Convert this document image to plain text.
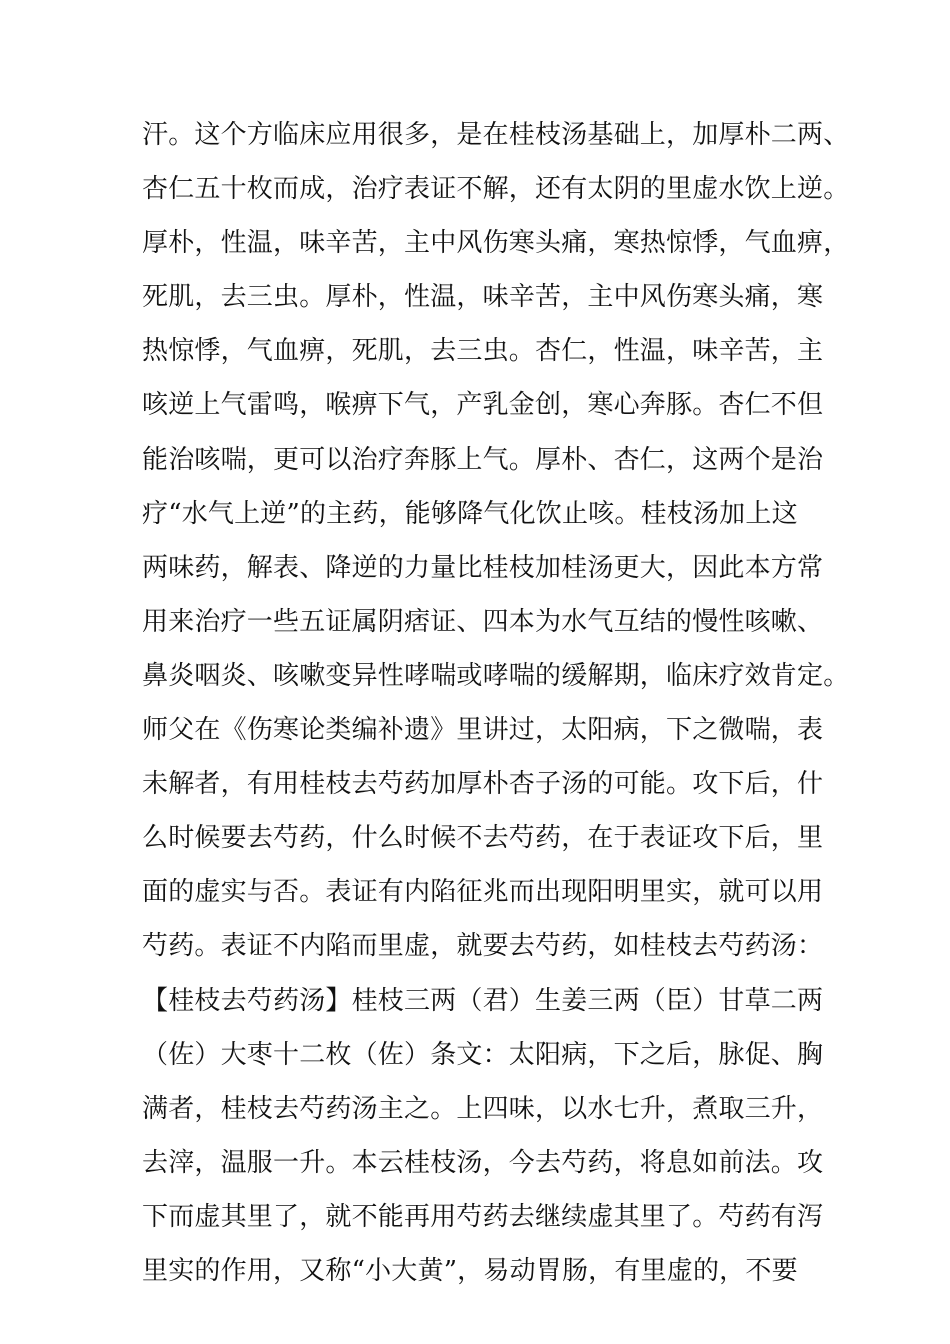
汗。这个方临床应用很多，是在桂枝汤基础上，加厚朴二两、
杏仁五十枚而成，治疗表证不解，还有太阴的里虚水饮上逆。
厚朴，性温，味辛苦，主中风伤寒头痛，寒热惊悸，气血痹，
死肌，去三虫。厚朴，性温，味辛苦，主中风伤寒头痛，寒
热惊悸，气血痹，死肌，去三虫。杏仁，性温，味辛苦，主
咳逆上气雷鸣，喉痹下气，产乳金创，寒心奔豚。杏仁不但
能治咳喘，更可以治疗奔豚上气。厚朴、杏仁，这两个是治
疗“水气上逆”的主药，能够降气化饮止咳。桂枝汤加上这
两味药，解表、降逆的力量比桂枝加桂汤更大，因此本方常
用来治疗一些五证属阴痞证、四本为水气互结的慢性咳嗽、
鼻炎咽炎、咳嗽变异性哮喘或哮喘的缓解期，临床疗效肯定。
师父在《伤寒论类编补遗》里讲过，太阳病，下之微喘，表
未解者，有用桂枝去芍药加厚朴杏子汤的可能。攻下后，什
么时候要去芍药，什么时候不去芍药，在于表证攻下后，里
面的虚实与否。表证有内陷征兆而出现阳明里实，就可以用
芍药。表证不内陷而里虚，就要去芍药，如桂枝去芍药汤：
【桂枝去芍药汤】桂枝三两（君）生姜三两（臣）甘草二两
（佐）大枣十二枚（佐）条文：太阳病，下之后，脉促、胸
满者，桂枝去芍药汤主之。上四味，以水七升，煮取三升，
去滓，温服一升。本云桂枝汤，今去芍药，将息如前法。攻
下而虚其里了，就不能再用芍药去继续虚其里了。芍药有泻
里实的作用，又称“小大黄”，易动胃肠，有里虚的，不要
